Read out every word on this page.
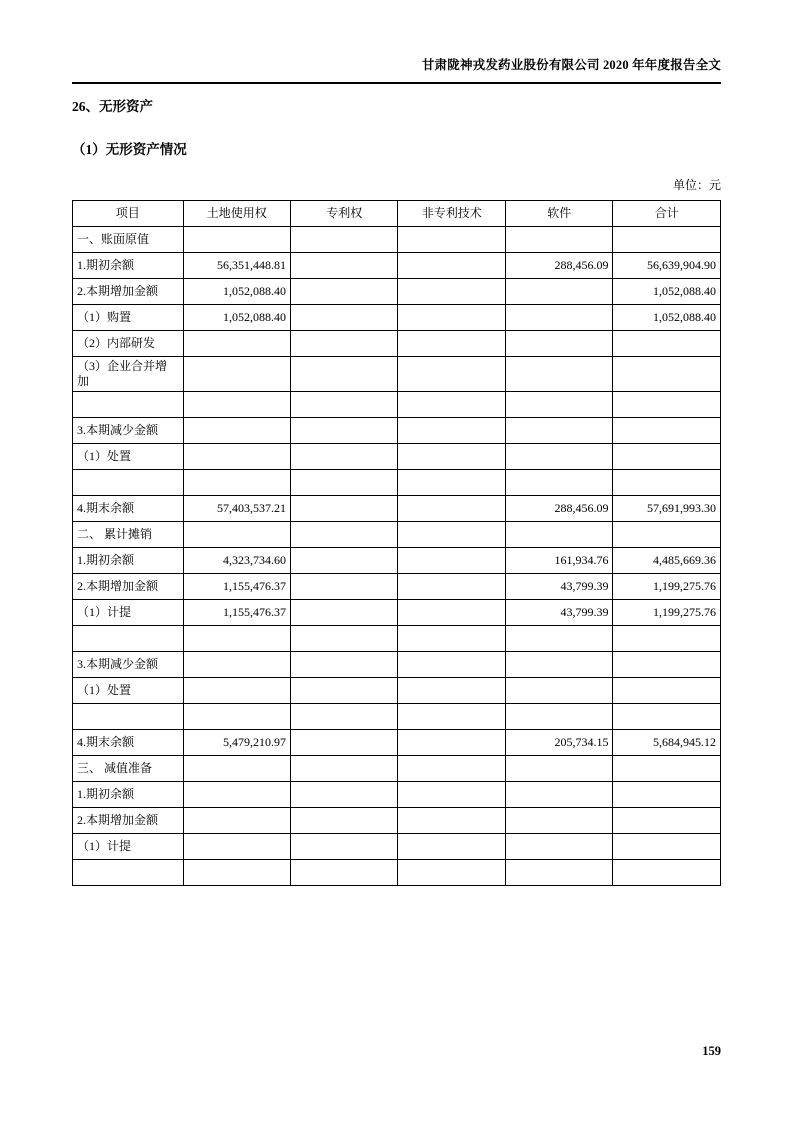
甘肃陇神戎发药业股份有限公司 2020 年年度报告全文
26、无形资产
（1）无形资产情况
单位：元
项目	土地使用权	专利权	非专利技术	软件	合计
一、账面原值					
1.期初余额	56,351,448.81			288,456.09	56,639,904.90
2.本期增加金额	1,052,088.40				1,052,088.40
（1）购置	1,052,088.40				1,052,088.40
（2）内部研发					
（3）企业合并增加					

3.本期减少金额					
（1）处置					

4.期末余额	57,403,537.21			288,456.09	57,691,993.30
二、 累计摊销					
1.期初余额	4,323,734.60			161,934.76	4,485,669.36
2.本期增加金额	1,155,476.37			43,799.39	1,199,275.76
（1）计提	1,155,476.37			43,799.39	1,199,275.76

3.本期减少金额					
（1）处置					

4.期末余额	5,479,210.97			205,734.15	5,684,945.12
三、 减值准备					
1.期初余额					
2.本期增加金额					
（1）计提					

159
